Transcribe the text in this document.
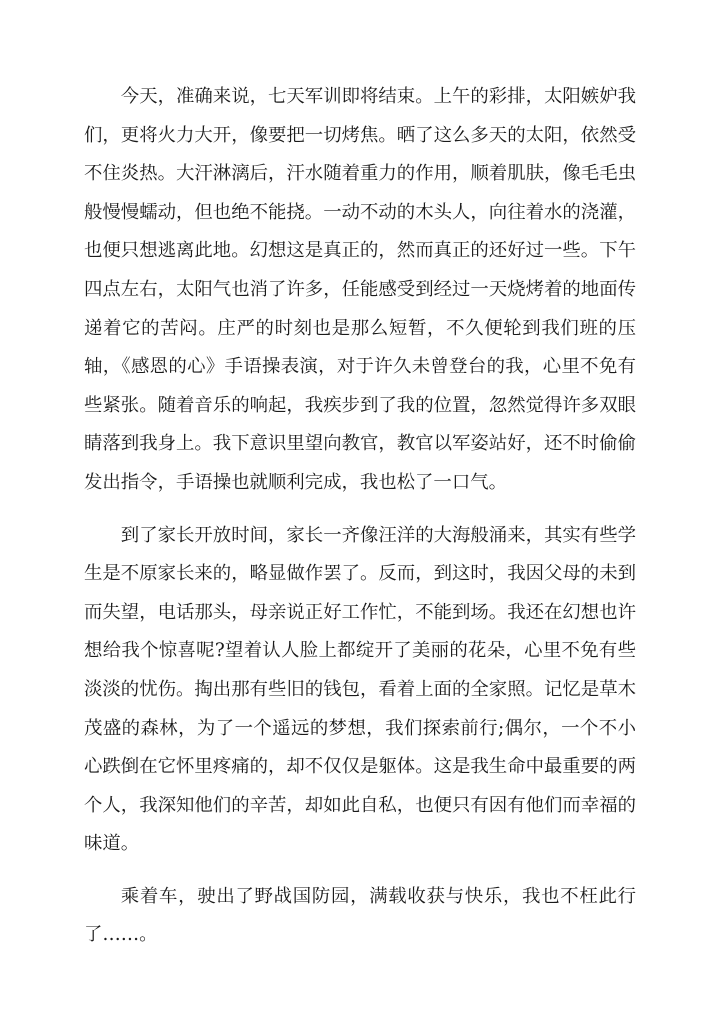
今天，准确来说，七天军训即将结束。上午的彩排，太阳嫉妒我们，更将火力大开，像要把一切烤焦。晒了这么多天的太阳，依然受不住炎热。大汗淋漓后，汗水随着重力的作用，顺着肌肤，像毛毛虫般慢慢蠕动，但也绝不能挠。一动不动的木头人，向往着水的浇灌，也便只想逃离此地。幻想这是真正的，然而真正的还好过一些。下午四点左右，太阳气也消了许多，任能感受到经过一天烧烤着的地面传递着它的苦闷。庄严的时刻也是那么短暂，不久便轮到我们班的压轴，《感恩的心》手语操表演，对于许久未曾登台的我，心里不免有些紧张。随着音乐的响起，我疾步到了我的位置，忽然觉得许多双眼睛落到我身上。我下意识里望向教官，教官以军姿站好，还不时偷偷发出指令，手语操也就顺利完成，我也松了一口气。

到了家长开放时间，家长一齐像汪洋的大海般涌来，其实有些学生是不原家长来的，略显做作罢了。反而，到这时，我因父母的未到而失望，电话那头，母亲说正好工作忙，不能到场。我还在幻想也许想给我个惊喜呢?望着认人脸上都绽开了美丽的花朵，心里不免有些淡淡的忧伤。掏出那有些旧的钱包，看着上面的全家照。记忆是草木茂盛的森林，为了一个遥远的梦想，我们探索前行;偶尔，一个不小心跌倒在它怀里疼痛的，却不仅仅是躯体。这是我生命中最重要的两个人，我深知他们的辛苦，却如此自私，也便只有因有他们而幸福的味道。

乘着车，驶出了野战国防园，满载收获与快乐，我也不枉此行了……。
